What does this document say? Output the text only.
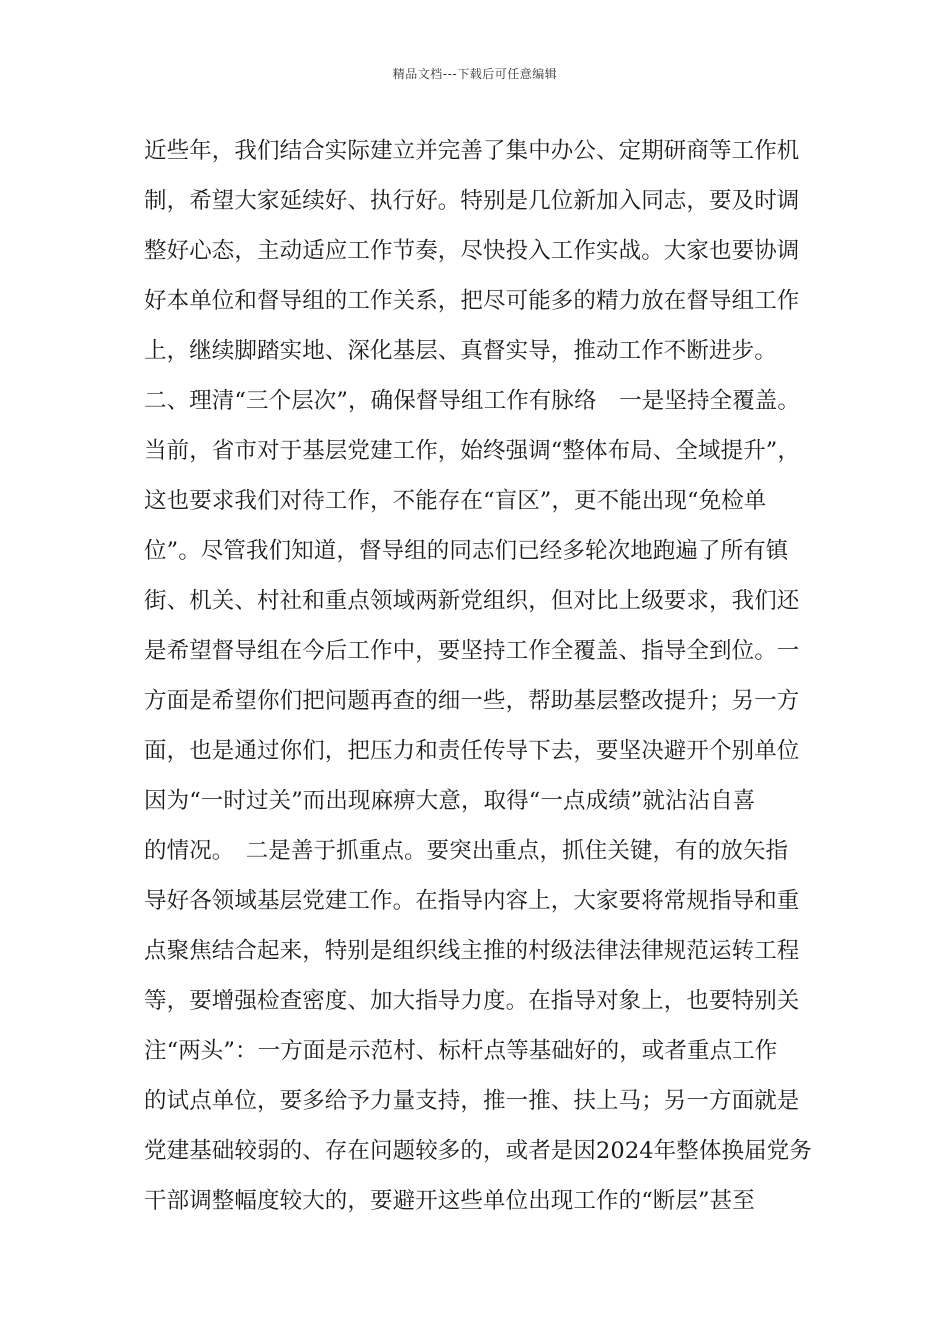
精品文档---下载后可任意编辑
近些年，我们结合实际建立并完善了集中办公、定期研商等工作机
制，希望大家延续好、执行好。特别是几位新加入同志，要及时调
整好心态，主动适应工作节奏，尽快投入工作实战。大家也要协调
好本单位和督导组的工作关系，把尽可能多的精力放在督导组工作
上，继续脚踏实地、深化基层、真督实导，推动工作不断进步。
二、理清“三个层次”，确保督导组工作有脉络　一是坚持全覆盖。
当前，省市对于基层党建工作，始终强调“整体布局、全域提升”，
这也要求我们对待工作，不能存在“盲区”，更不能出现“免检单
位”。尽管我们知道，督导组的同志们已经多轮次地跑遍了所有镇
街、机关、村社和重点领域两新党组织，但对比上级要求，我们还
是希望督导组在今后工作中，要坚持工作全覆盖、指导全到位。一
方面是希望你们把问题再查的细一些，帮助基层整改提升；另一方
面，也是通过你们，把压力和责任传导下去，要坚决避开个别单位
因为“一时过关”而出现麻痹大意，取得“一点成绩”就沾沾自喜
的情况。　二是善于抓重点。要突出重点，抓住关键，有的放矢指
导好各领域基层党建工作。在指导内容上，大家要将常规指导和重
点聚焦结合起来，特别是组织线主推的村级法律法律规范运转工程
等，要增强检查密度、加大指导力度。在指导对象上，也要特别关
注“两头”：一方面是示范村、标杆点等基础好的，或者重点工作
的试点单位，要多给予力量支持，推一推、扶上马；另一方面就是
党建基础较弱的、存在问题较多的，或者是因2024年整体换届党务
干部调整幅度较大的，要避开这些单位出现工作的“断层”甚至
